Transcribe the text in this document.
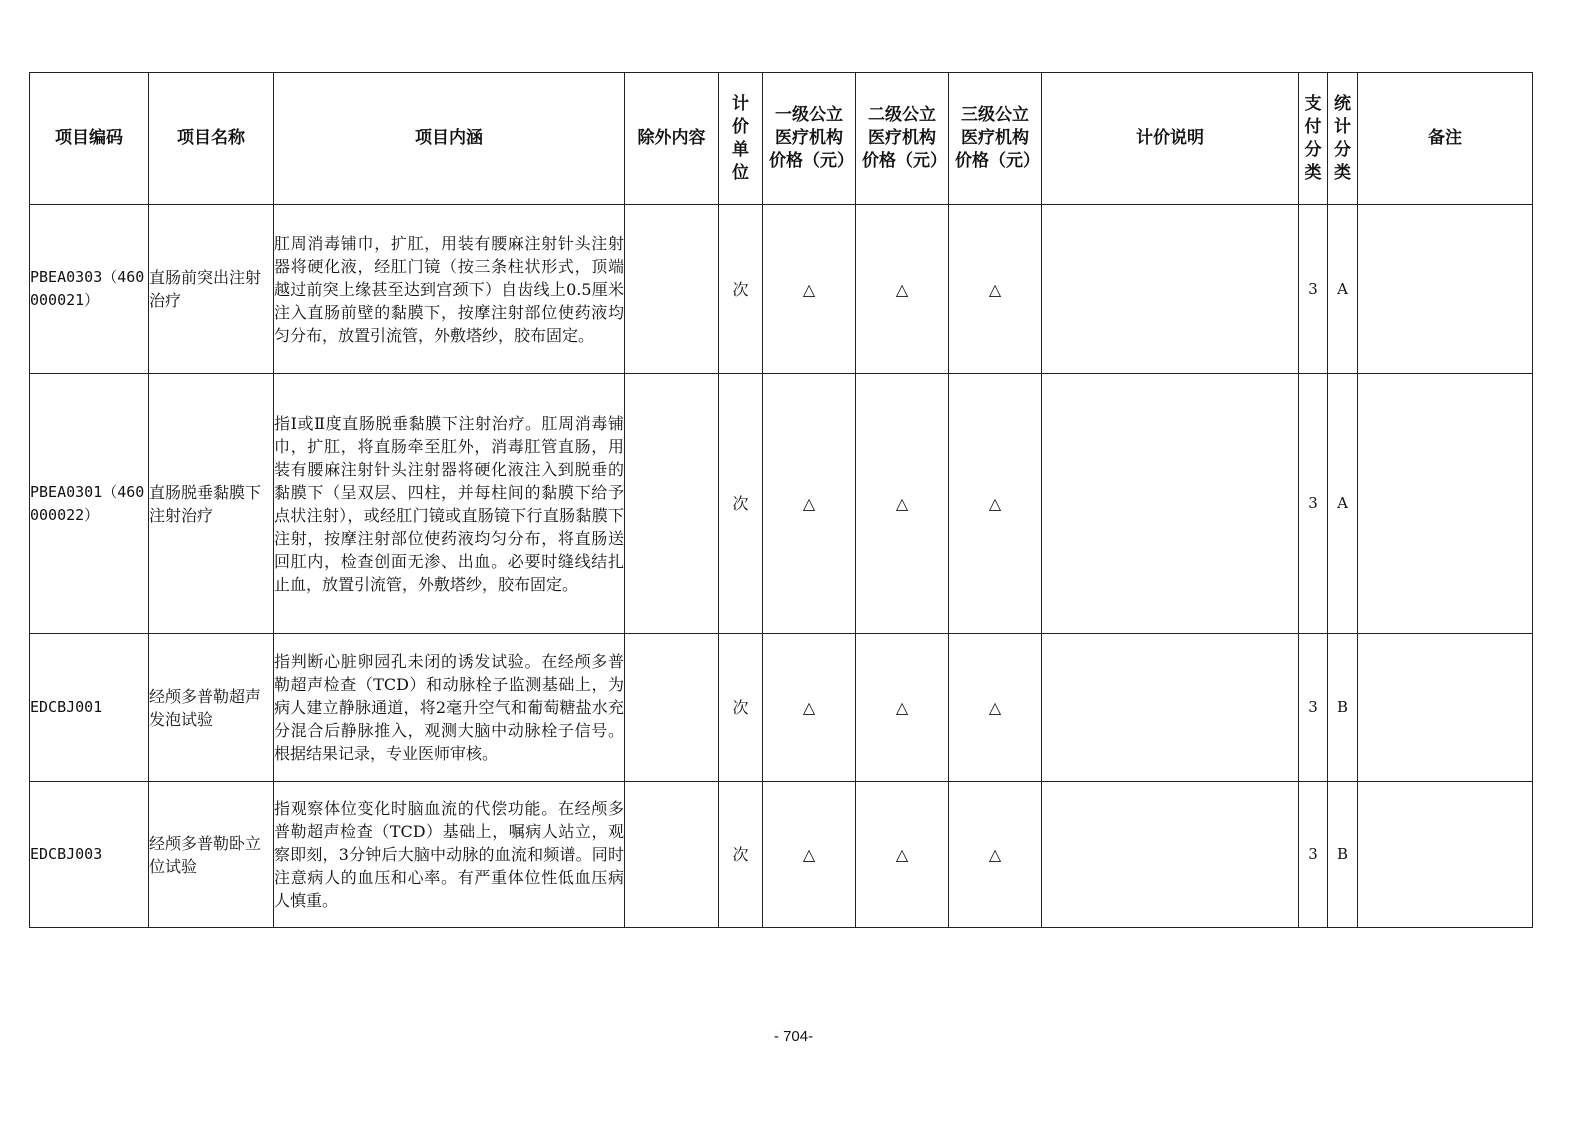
项目编码	项目名称	项目内涵	除外内容	计价单位	一级公立医疗机构价格（元）	二级公立医疗机构价格（元）	三级公立医疗机构价格（元）	计价说明	支付分类	统计分类	备注
PBEA0303（460000021）	直肠前突出注射治疗	肛周消毒铺巾，扩肛，用装有腰麻注射针头注射器将硬化液，经肛门镜（按三条柱状形式，顶端越过前突上缘甚至达到宫颈下）自齿线上0.5厘米注入直肠前壁的黏膜下，按摩注射部位使药液均匀分布，放置引流管，外敷塔纱，胶布固定。		次	△	△	△		3	A	
PBEA0301（460000022）	直肠脱垂黏膜下注射治疗	指Ⅰ或Ⅱ度直肠脱垂黏膜下注射治疗。肛周消毒铺巾，扩肛，将直肠牵至肛外，消毒肛管直肠，用装有腰麻注射针头注射器将硬化液注入到脱垂的黏膜下（呈双层、四柱，并每柱间的黏膜下给予点状注射），或经肛门镜或直肠镜下行直肠黏膜下注射，按摩注射部位使药液均匀分布，将直肠送回肛内，检查创面无渗、出血。必要时缝线结扎止血，放置引流管，外敷塔纱，胶布固定。		次	△	△	△		3	A	
EDCBJ001	经颅多普勒超声发泡试验	指判断心脏卵园孔未闭的诱发试验。在经颅多普勒超声检查（TCD）和动脉栓子监测基础上，为病人建立静脉通道，将2毫升空气和葡萄糖盐水充分混合后静脉推入，观测大脑中动脉栓子信号。根据结果记录，专业医师审核。		次	△	△	△		3	B	
EDCBJ003	经颅多普勒卧立位试验	指观察体位变化时脑血流的代偿功能。在经颅多普勒超声检查（TCD）基础上，嘱病人站立，观察即刻，3分钟后大脑中动脉的血流和频谱。同时注意病人的血压和心率。有严重体位性低血压病人慎重。		次	△	△	△		3	B	
- 704-
